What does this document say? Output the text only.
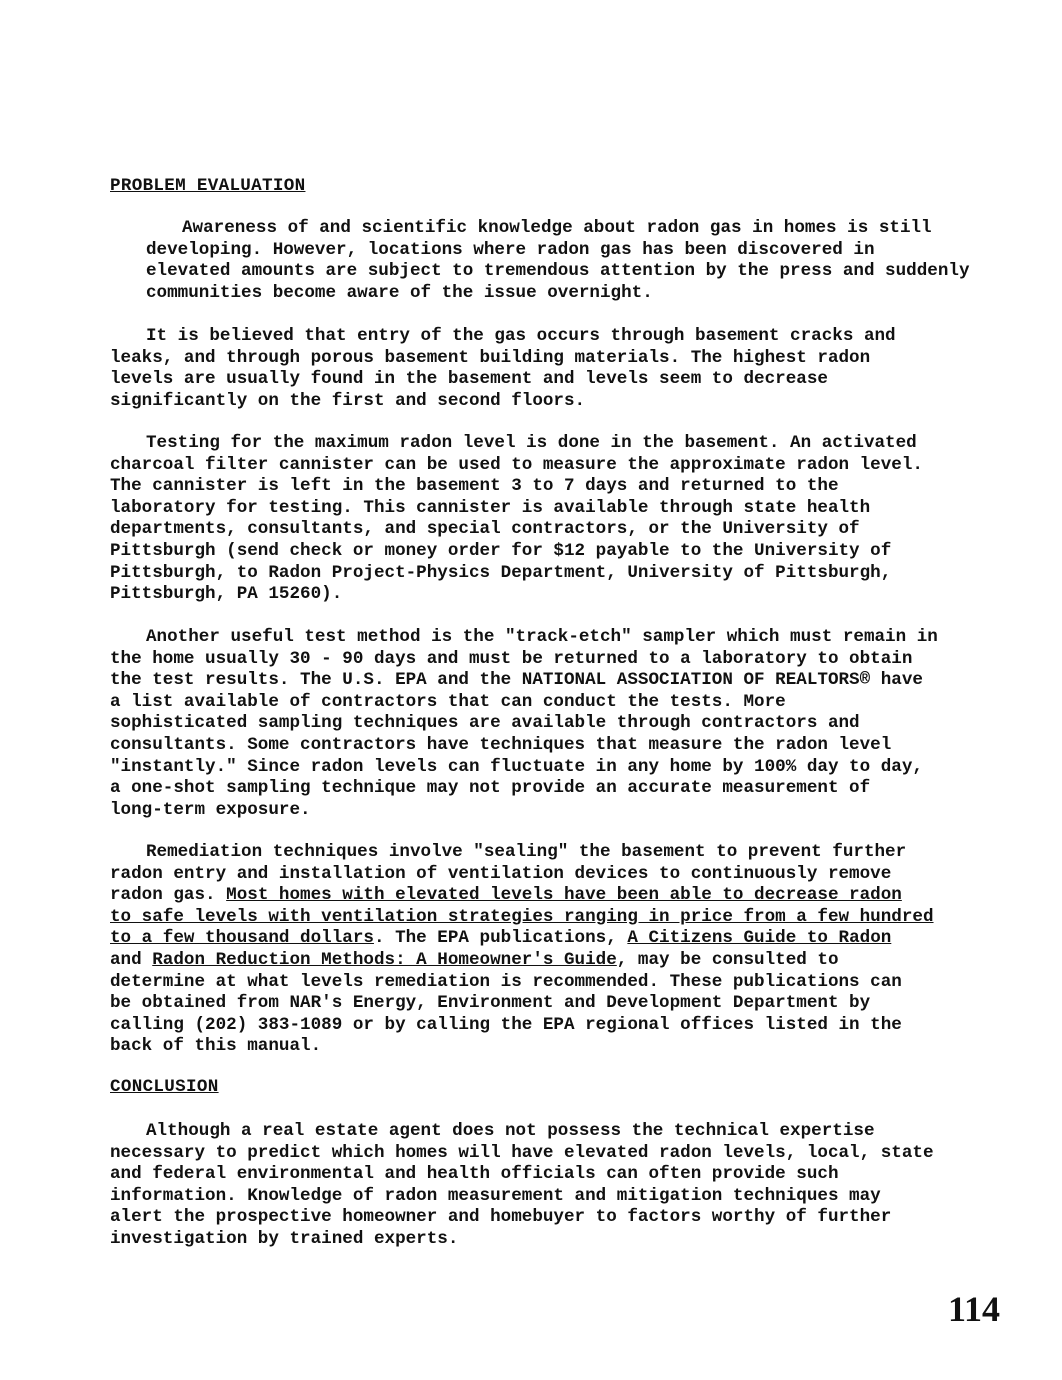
PROBLEM EVALUATION
Awareness of and scientific knowledge about radon gas in homes is still
developing. However, locations where radon gas has been discovered in
elevated amounts are subject to tremendous attention by the press and suddenly
communities become aware of the issue overnight.
It is believed that entry of the gas occurs through basement cracks and
leaks, and through porous basement building materials. The highest radon
levels are usually found in the basement and levels seem to decrease
significantly on the first and second floors.
Testing for the maximum radon level is done in the basement. An activated
charcoal filter cannister can be used to measure the approximate radon level.
The cannister is left in the basement 3 to 7 days and returned to the
laboratory for testing. This cannister is available through state health
departments, consultants, and special contractors, or the University of
Pittsburgh (send check or money order for $12 payable to the University of
Pittsburgh, to Radon Project-Physics Department, University of Pittsburgh,
Pittsburgh, PA 15260).
Another useful test method is the "track-etch" sampler which must remain in
the home usually 30 - 90 days and must be returned to a laboratory to obtain
the test results. The U.S. EPA and the NATIONAL ASSOCIATION OF REALTORS® have
a list available of contractors that can conduct the tests. More
sophisticated sampling techniques are available through contractors and
consultants. Some contractors have techniques that measure the radon level
"instantly." Since radon levels can fluctuate in any home by 100% day to day,
a one-shot sampling technique may not provide an accurate measurement of
long-term exposure.
Remediation techniques involve "sealing" the basement to prevent further
radon entry and installation of ventilation devices to continuously remove
radon gas. Most homes with elevated levels have been able to decrease radon
to safe levels with ventilation strategies ranging in price from a few hundred
to a few thousand dollars. The EPA publications, A Citizens Guide to Radon
and Radon Reduction Methods: A Homeowner's Guide, may be consulted to
determine at what levels remediation is recommended. These publications can
be obtained from NAR's Energy, Environment and Development Department by
calling (202) 383-1089 or by calling the EPA regional offices listed in the
back of this manual.
CONCLUSION
Although a real estate agent does not possess the technical expertise
necessary to predict which homes will have elevated radon levels, local, state
and federal environmental and health officials can often provide such
information. Knowledge of radon measurement and mitigation techniques may
alert the prospective homeowner and homebuyer to factors worthy of further
investigation by trained experts.
114
